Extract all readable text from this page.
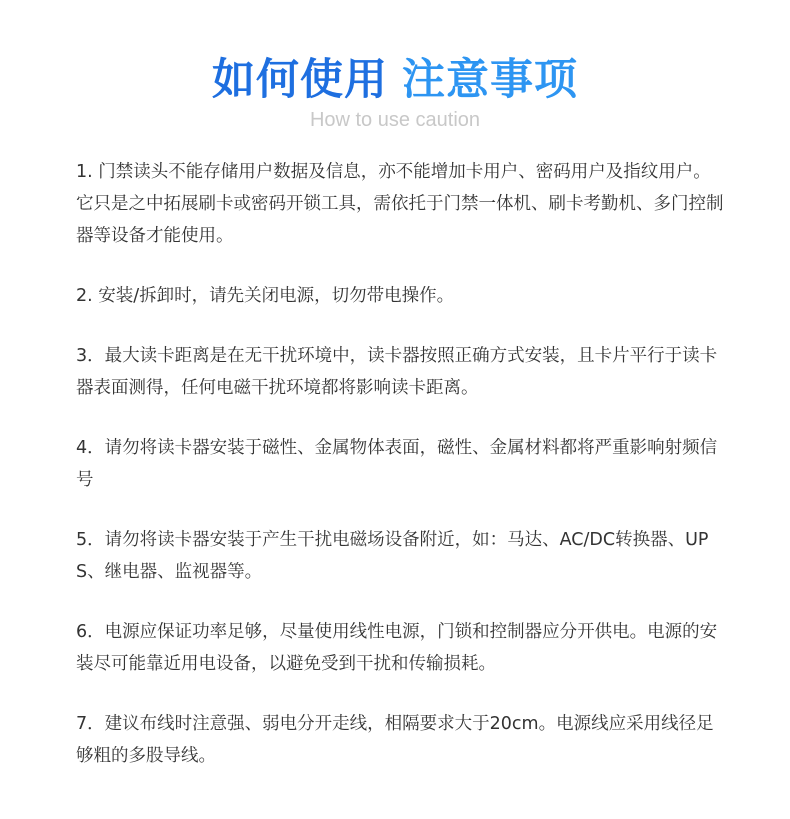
如何使用 注意事项
How to use caution
1. 门禁读头不能存储用户数据及信息，亦不能增加卡用户、密码用户及指纹用户。它只是之中拓展刷卡或密码开锁工具，需依托于门禁一体机、刷卡考勤机、多门控制器等设备才能使用。
2. 安装/拆卸时，请先关闭电源，切勿带电操作。
3．最大读卡距离是在无干扰环境中，读卡器按照正确方式安装，且卡片平行于读卡器表面测得，任何电磁干扰环境都将影响读卡距离。
4．请勿将读卡器安装于磁性、金属物体表面，磁性、金属材料都将严重影响射频信号
5．请勿将读卡器安装于产生干扰电磁场设备附近，如：马达、AC/DC转换器、UPS、继电器、监视器等。
6．电源应保证功率足够，尽量使用线性电源，门锁和控制器应分开供电。电源的安装尽可能靠近用电设备，以避免受到干扰和传输损耗。
7．建议布线时注意强、弱电分开走线，相隔要求大于20cm。电源线应采用线径足够粗的多股导线。
